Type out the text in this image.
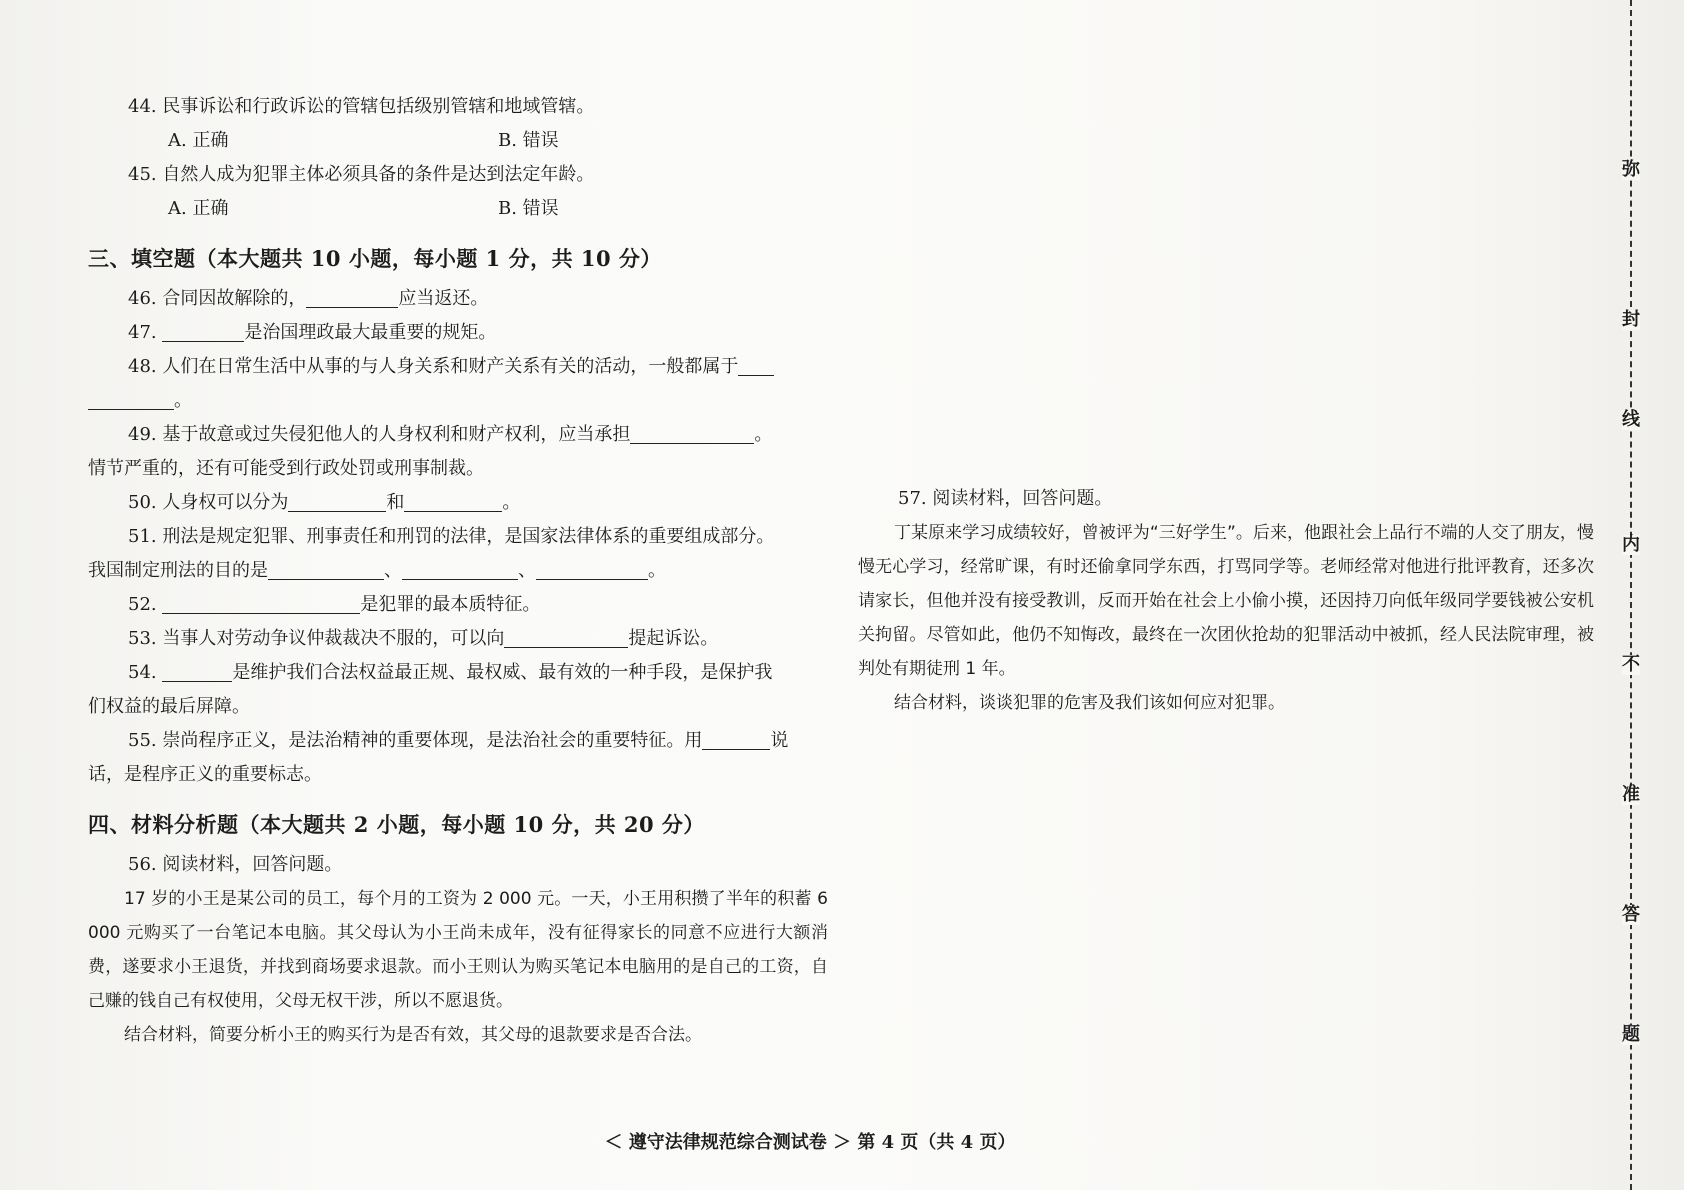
44. 民事诉讼和行政诉讼的管辖包括级别管辖和地域管辖。

A. 正确	B. 错误

45. 自然人成为犯罪主体必须具备的条件是达到法定年龄。

A. 正确	B. 错误

三、填空题（本大题共 10 小题，每小题 1 分，共 10 分）

46. 合同因故解除的，	应当返还。

47.	是治国理政最大最重要的规矩。

48. 人们在日常生活中从事的与人身关系和财产关系有关的活动，一般都属于

。

49. 基于故意或过失侵犯他人的人身权利和财产权利，应当承担	。

情节严重的，还有可能受到行政处罚或刑事制裁。

50. 人身权可以分为	和	。

51. 刑法是规定犯罪、刑事责任和刑罚的法律，是国家法律体系的重要组成部分。

我国制定刑法的目的是	、	、	。

52.	是犯罪的最本质特征。

53. 当事人对劳动争议仲裁裁决不服的，可以向	提起诉讼。

54.	是维护我们合法权益最正规、最权威、最有效的一种手段，是保护我

们权益的最后屏障。

55. 崇尚程序正义，是法治精神的重要体现，是法治社会的重要特征。用	说

话，是程序正义的重要标志。

四、材料分析题（本大题共 2 小题，每小题 10 分，共 20 分）

56. 阅读材料，回答问题。

17 岁的小王是某公司的员工，每个月的工资为 2 000 元。一天，小王用积攒了半年的积蓄 6 000 元购买了一台笔记本电脑。其父母认为小王尚未成年，没有征得家长的同意不应进行大额消费，遂要求小王退货，并找到商场要求退款。而小王则认为购买笔记本电脑用的是自己的工资，自己赚的钱自己有权使用，父母无权干涉，所以不愿退货。

结合材料，简要分析小王的购买行为是否有效，其父母的退款要求是否合法。

57. 阅读材料，回答问题。

丁某原来学习成绩较好，曾被评为“三好学生”。后来，他跟社会上品行不端的人交了朋友，慢慢无心学习，经常旷课，有时还偷拿同学东西，打骂同学等。老师经常对他进行批评教育，还多次请家长，但他并没有接受教训，反而开始在社会上小偷小摸，还因持刀向低年级同学要钱被公安机关拘留。尽管如此，他仍不知悔改，最终在一次团伙抢劫的犯罪活动中被抓，经人民法院审理，被判处有期徒刑 1 年。

结合材料，谈谈犯罪的危害及我们该如何应对犯罪。

＜ 遵守法律规范综合测试卷 ＞ 第 4 页（共 4 页）
弥
封
线
内
不
准
答
题
